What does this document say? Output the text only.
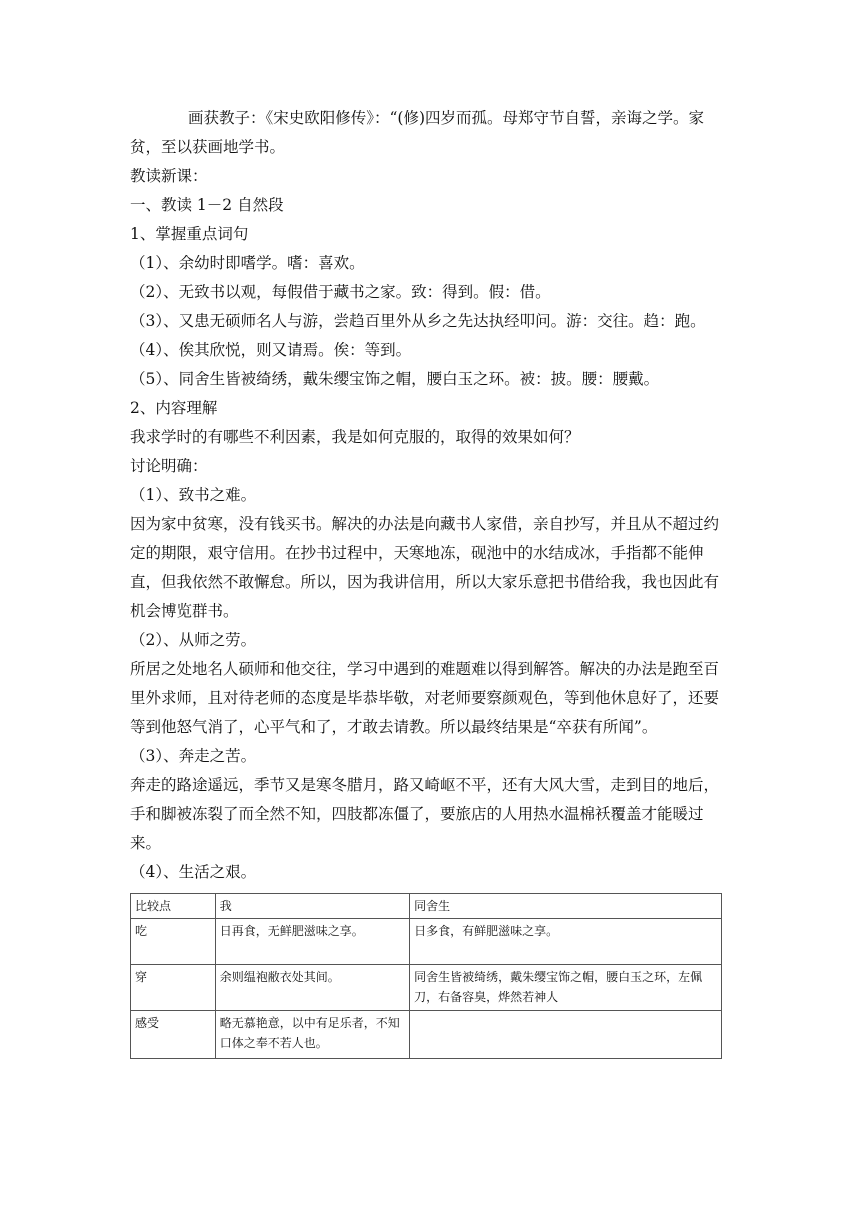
画获教子：《宋史欧阳修传》：“(修)四岁而孤。母郑守节自誓，亲诲之学。家贫，至以获画地学书。

教读新课：

一、教读 1－2 自然段

1、掌握重点词句

（1）、余幼时即嗜学。嗜：喜欢。

（2）、无致书以观，每假借于藏书之家。致：得到。假：借。

（3）、又患无硕师名人与游，尝趋百里外从乡之先达执经叩问。游：交往。趋：跑。

（4）、俟其欣悦，则又请焉。俟：等到。

（5）、同舍生皆被绮绣，戴朱缨宝饰之帽，腰白玉之环。被：披。腰：腰戴。

2、内容理解

我求学时的有哪些不利因素，我是如何克服的，取得的效果如何？

讨论明确：

（1）、致书之难。

因为家中贫寒，没有钱买书。解决的办法是向藏书人家借，亲自抄写，并且从不超过约定的期限，艰守信用。在抄书过程中，天寒地冻，砚池中的水结成冰，手指都不能伸直，但我依然不敢懈怠。所以，因为我讲信用，所以大家乐意把书借给我，我也因此有机会博览群书。

（2）、从师之劳。

所居之处地名人硕师和他交往，学习中遇到的难题难以得到解答。解决的办法是跑至百里外求师，且对待老师的态度是毕恭毕敬，对老师要察颜观色，等到他休息好了，还要等到他怒气消了，心平气和了，才敢去请教。所以最终结果是“卒获有所闻”。

（3）、奔走之苦。

奔走的路途遥远，季节又是寒冬腊月，路又崎岖不平，还有大风大雪，走到目的地后，手和脚被冻裂了而全然不知，四肢都冻僵了，要旅店的人用热水温棉袄覆盖才能暖过来。

（4）、生活之艰。

比较点	我	同舍生
吃	日再食，无鲜肥滋味之享。	日多食，有鲜肥滋味之享。
穿	余则缊袍敝衣处其间。	同舍生皆被绮绣，戴朱缨宝饰之帽，腰白玉之环，左佩刀，右备容臭，烨然若神人
感受	略无慕艳意，以中有足乐者，不知口体之奉不若人也。	
